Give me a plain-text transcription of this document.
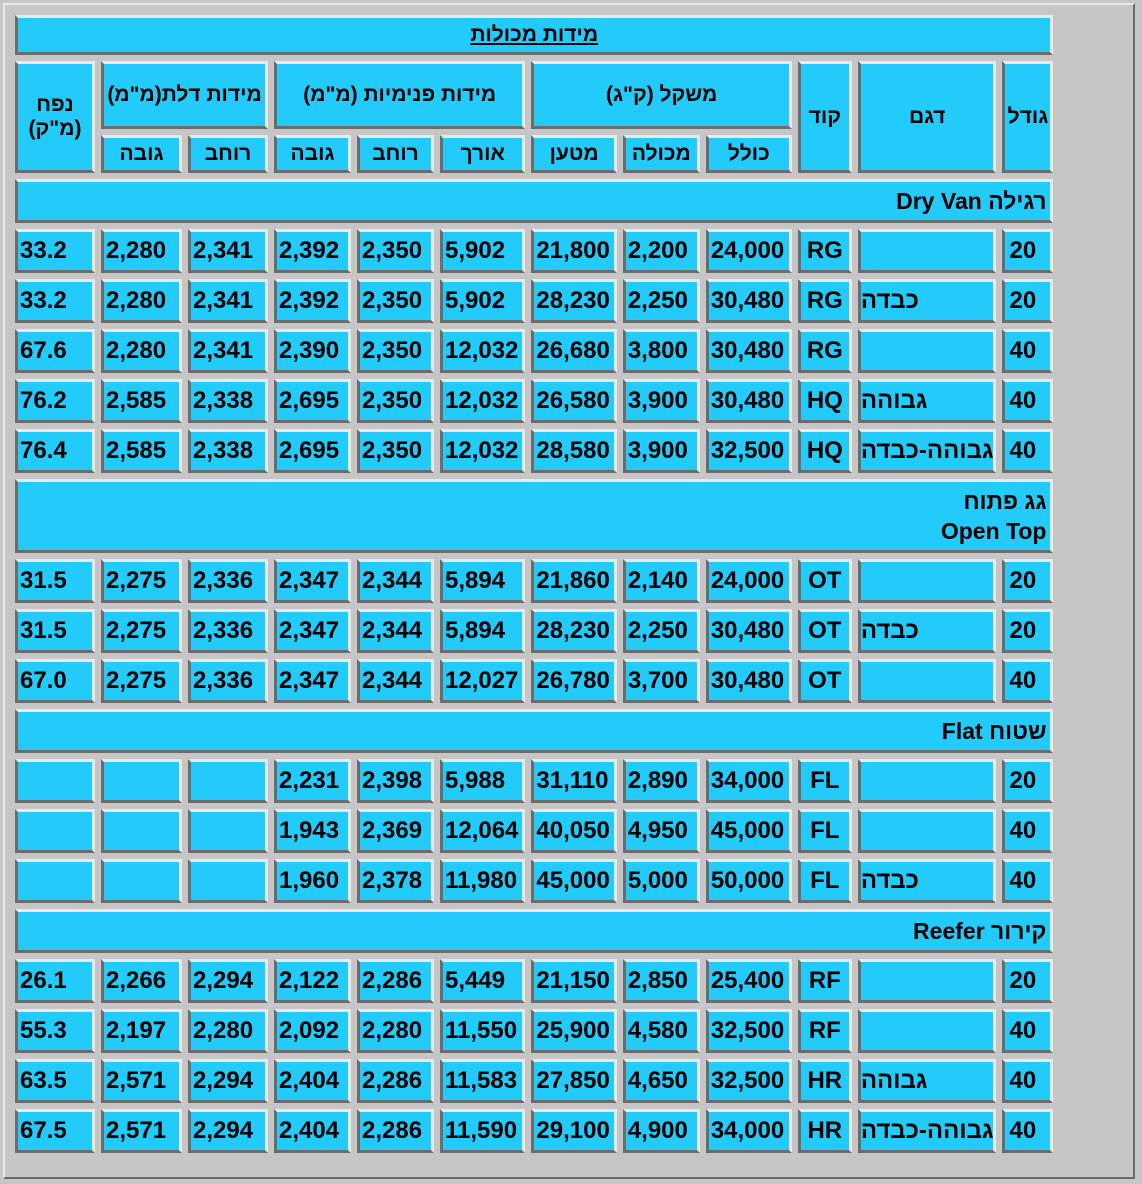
מידות מכולות											
גודל	דגם	קוד	משקל (ק"ג)			מידות פנימיות (מ"מ)			מידות דלת(מ"מ)		נפח (מ"ק)
			כולל	מכולה	מטען	אורך	רוחב	גובה	רוחב	גובה	

רגילה Dry Van											

20		RG	24,000	2,200	21,800	5,902	2,350	2,392	2,341	2,280	33.2
20	כבדה	RG	30,480	2,250	28,230	5,902	2,350	2,392	2,341	2,280	33.2
40		RG	30,480	3,800	26,680	12,032	2,350	2,390	2,341	2,280	67.6
40	גבוהה	HQ	30,480	3,900	26,580	12,032	2,350	2,695	2,338	2,585	76.2
40	גבוהה-כבדה	HQ	32,500	3,900	28,580	12,032	2,350	2,695	2,338	2,585	76.4

גג פתוח
Open Top											

20		OT	24,000	2,140	21,860	5,894	2,344	2,347	2,336	2,275	31.5
20	כבדה	OT	30,480	2,250	28,230	5,894	2,344	2,347	2,336	2,275	31.5
40		OT	30,480	3,700	26,780	12,027	2,344	2,347	2,336	2,275	67.0

שטוח Flat											

20		FL	34,000	2,890	31,110	5,988	2,398	2,231			
40		FL	45,000	4,950	40,050	12,064	2,369	1,943			
40	כבדה	FL	50,000	5,000	45,000	11,980	2,378	1,960			

קירור Reefer											

20		RF	25,400	2,850	21,150	5,449	2,286	2,122	2,294	2,266	26.1
40		RF	32,500	4,580	25,900	11,550	2,280	2,092	2,280	2,197	55.3
40	גבוהה	HR	32,500	4,650	27,850	11,583	2,286	2,404	2,294	2,571	63.5
40	גבוהה-כבדה	HR	34,000	4,900	29,100	11,590	2,286	2,404	2,294	2,571	67.5
